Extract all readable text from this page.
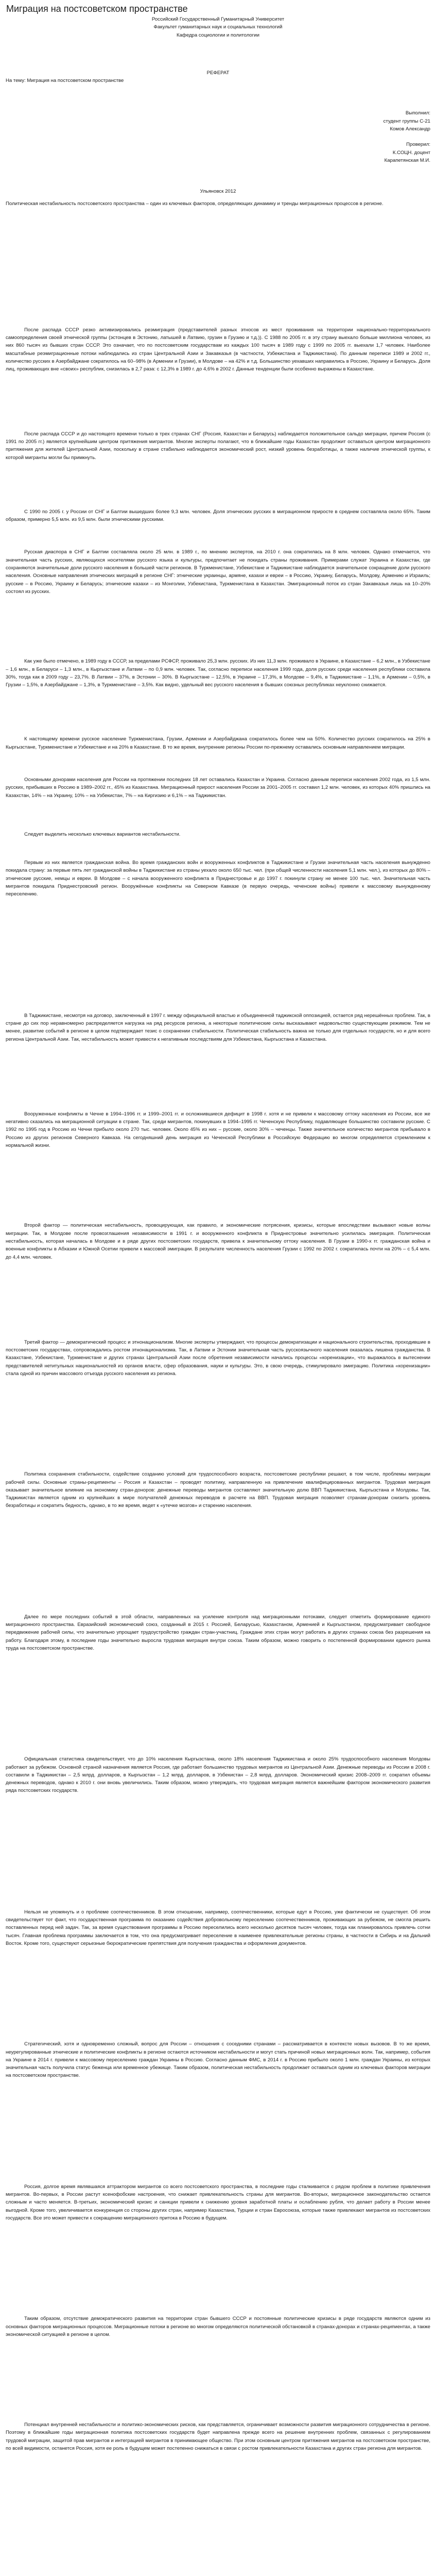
Миграция на постсоветском пространстве
Российский Государственный Гуманитарный Университет
Факультет гуманитарных наук и социальных технологий
Кафедра социологии и политологии
РЕФЕРАТ
На тему: Миграция на постсоветском пространстве
Выполнил:
студент группы С-21
Комов Александр
Проверил:
К.СОЦН. доцент
Карапетянская М.И.
Ульяновск 2012

Политическая нестабильность постсоветского пространства – один из ключевых факторов, определяющих динамику и тренды миграционных процессов в регионе.

После распада СССР резко активизировались реэмиграция (представителей разных этносов из мест проживания на территории национально-территориального самоопределения своей этнической группы (эстонцев в Эстонию, латышей в Латвию, грузин в Грузию и т.д.)). С 1988 по 2005 гг. в эту страну выехало больше миллиона человек, из них 860 тысяч из бывших стран СССР. Это означает, что по постсоветским государствам из каждых 100 тысяч в 1989 году с 1999 по 2005 гг. выехали 1,7 человек. Наиболее масштабные реэмиграционные потоки наблюдались из стран Центральной Азии и Закавказья (в частности, Узбекистана и Таджикистана). По данным переписи 1989 и 2002 гг., количество русских в Азербайджане сократилось на 60–98% (в Армении и Грузии), в Молдове – на 42% и т.д. Большинство уехавших направились в Россию, Украину и Беларусь. Доля лиц, проживающих вне «своих» республик, снизилась в 2,7 раза: с 12,3% в 1989 г. до 4,6% в 2002 г. Данные тенденции были особенно выражены в Казахстане.

После распада СССР и до настоящего времени только в трех странах СНГ (Россия, Казахстан и Беларусь) наблюдается положительное сальдо миграции, причем Россия (с 1991 по 2005 гг.) является крупнейшим центром притяжения мигрантов. Многие эксперты полагают, что в ближайшие годы Казахстан продолжит оставаться центром миграционного притяжения для жителей Центральной Азии, поскольку в стране стабильно наблюдается экономический рост, низкий уровень безработицы, а также наличие этнической группы, к которой мигранты могли бы примкнуть.

С 1990 по 2005 г. у России от СНГ и Балтии вышедших более 9,3 млн. человек. Доля этнических русских в миграционном приросте в среднем составляла около 65%. Таким образом, примерно 5,5 млн. из 9,5 млн. были этническими русскими.

Русская диаспора в СНГ и Балтии составляла около 25 млн. в 1989 г., по мнению экспертов, на 2010 г. она сократилась на 8 млн. человек. Однако отмечается, что значительная часть русских, являющихся носителями русского языка и культуры, предпочитает не покидать страны проживания. Примерами служат Украина и Казахстан, где сохраняются значительные доли русского населения в большей части регионов. В Туркменистане, Узбекистане и Таджикистане наблюдается значительное сокращение доли русского населения. Основные направления этнических миграций в регионе СНГ: этнические украинцы, армяне, казахи и евреи – в Россию, Украину, Беларусь, Молдову, Армению и Израиль; русские – в Россию, Украину и Беларусь; этнические казахи – из Монголии, Узбекистана, Туркменистана в Казахстан. Эмиграционный поток из стран Закавказья лишь на 10–20% состоял из русских.

Как уже было отмечено, в 1989 году в СССР, за пределами РСФСР, проживало 25,3 млн. русских. Из них 11,3 млн. проживало в Украине, в Казахстане – 6,2 млн., в Узбекистане – 1,6 млн., в Беларуси – 1,3 млн., в Кыргызстане и Латвии – по 0,9 млн. человек. Так, согласно переписи населения 1999 года, доля русских среди населения республики составила 30%, тогда как в 2009 году – 23,7%. В Латвии – 37%, в Эстонии – 30%. В Кыргызстане – 12,5%, в Украине – 17,3%, в Молдове – 9,4%, в Таджикистане – 1,1%, в Армении – 0,5%, в Грузии – 1,5%, в Азербайджане – 1,3%, в Туркменистане – 3,5%. Как видно, удельный вес русского населения в бывших союзных республиках неуклонно снижается.

К настоящему времени русское население Туркменистана, Грузии, Армении и Азербайджана сократилось более чем на 50%. Количество русских сократилось на 25% в Кыргызстане, Туркменистане и Узбекистане и на 20% в Казахстане. В то же время, внутренние регионы России по-прежнему оставались основным направлением миграции.

Основными донорами населения для России на протяжении последних 18 лет оставались Казахстан и Украина. Согласно данным переписи населения 2002 года, из 1,5 млн. русских, прибывших в Россию в 1989–2002 гг., 45% из Казахстана. Миграционный прирост населения России за 2001–2005 гг. составил 1,2 млн. человек, из которых 40% пришлись на Казахстан, 14% – на Украину, 10% – на Узбекистан, 7% – на Киргизию и 6,1% – на Таджикистан.

Следует выделить несколько ключевых вариантов нестабильности.

Первым из них является гражданская война. Во время гражданских войн и вооруженных конфликтов в Таджикистане и Грузии значительная часть населения вынужденно покидала страну: за первые пять лет гражданской войны в Таджикистане из страны уехало около 650 тыс. чел. (при общей численности населения 5,1 млн. чел.), из которых до 80% – этнические русские, немцы и евреи. В Молдове – с начала вооруженного конфликта в Приднестровье и до 1997 г. покинули страну не менее 100 тыс. чел. Значительная часть мигрантов покидала Приднестровский регион. Вооружённые конфликты на Северном Кавказе (в первую очередь, чеченские войны) привели к массовому вынужденному переселению.

В Таджикистане, несмотря на договор, заключенный в 1997 г. между официальной властью и объединенной таджикской оппозицией, остается ряд нерешённых проблем. Так, в стране до сих пор неравномерно распределяется нагрузка на ряд ресурсов региона, а некоторые политические силы высказывают недовольство существующим режимом. Тем не менее, развитие событий в регионе в целом подтверждает тезис о сохранении стабильности. Политическая стабильность важна не только для отдельных государств, но и для всего региона Центральной Азии. Так, нестабильность может привести к негативным последствиям для Узбекистана, Кыргызстана и Казахстана.

Вооруженные конфликты в Чечне в 1994–1996 гг. и 1999–2001 гг. и осложнившиеся дефицит в 1998 г. хотя и не привели к массовому оттоку населения из России, все же негативно сказались на миграционной ситуации в стране. Так, среди мигрантов, покинувших в 1994–1995 гг. Чеченскую Республику, подавляющее большинство составили русские. С 1992 по 1995 год в Россию из Чечни прибыло около 270 тыс. человек. Около 45% из них – русские, около 30% – чеченцы. Также значительное количество мигрантов прибывало в Россию из других регионов Северного Кавказа. На сегодняшний день миграция из Чеченской Республики в Российскую Федерацию во многом определяется стремлением к нормальной жизни.

Второй фактор — политическая нестабильность, провоцирующая, как правило, и экономические потрясения, кризисы, которые впоследствии вызывают новые волны миграции. Так, в Молдове после провозглашения независимости в 1991 г. и вооруженного конфликта в Приднестровье значительно усилилась эмиграция. Политическая нестабильность, которая началась в Молдове и в ряде других постсоветских государств, привела к значительному оттоку населения. В Грузии в 1990-х гг. гражданская война и военные конфликты в Абхазии и Южной Осетии привели к массовой эмиграции. В результате численность населения Грузии с 1992 по 2002 г. сократилась почти на 20% – с 5,4 млн. до 4,4 млн. человек.

Третий фактор — демократический процесс и этнонационализм. Многие эксперты утверждают, что процессы демократизации и национального строительства, проходившие в постсоветских государствах, сопровождались ростом этнонационализма. Так, в Латвии и Эстонии значительная часть русскоязычного населения оказалась лишена гражданства. В Казахстане, Узбекистане, Туркменистане и других странах Центральной Азии после обретения независимости начались процессы «коренизации», что выражалось в вытеснении представителей нетитульных национальностей из органов власти, сфер образования, науки и культуры. Это, в свою очередь, стимулировало эмиграцию. Политика «коренизации» стала одной из причин массового отъезда русского населения из региона.

Политика сохранения стабильности, содействие созданию условий для трудоспособного возраста, постсоветские республики решают, в том числе, проблемы миграции рабочей силы. Основные страны-реципиенты – Россия и Казахстан – проводят политику, направленную на привлечение квалифицированных мигрантов. Трудовая миграция оказывает значительное влияние на экономику стран-доноров: денежные переводы мигрантов составляют значительную долю ВВП Таджикистана, Кыргызстана и Молдовы. Так, Таджикистан является одним из крупнейших в мире получателей денежных переводов в расчете на ВВП. Трудовая миграция позволяет странам-донорам снизить уровень безработицы и сократить бедность, однако, в то же время, ведет к «утечке мозгов» и старению населения.

Далее по мере последних событий в этой области, направленных на усиление контроля над миграционными потоками, следует отметить формирование единого миграционного пространства. Евразийский экономический союз, созданный в 2015 г. Россией, Беларусью, Казахстаном, Арменией и Кыргызстаном, предусматривает свободное передвижение рабочей силы, что значительно упрощает трудоустройство граждан стран-участниц. Граждане этих стран могут работать в других странах союза без разрешения на работу. Благодаря этому, в последние годы значительно выросла трудовая миграция внутри союза. Таким образом, можно говорить о постепенной формировании единого рынка труда на постсоветском пространстве.

Официальная статистика свидетельствует, что до 10% населения Кыргызстана, около 18% населения Таджикистана и около 25% трудоспособного населения Молдовы работают за рубежом. Основной страной назначения является Россия, где работает большинство трудовых мигрантов из Центральной Азии. Денежные переводы из России в 2008 г. составили в Таджикистан – 2,5 млрд. долларов, в Кыргызстан – 1,2 млрд. долларов, в Узбекистан – 2,8 млрд. долларов. Экономический кризис 2008–2009 гг. сократил объемы денежных переводов, однако к 2010 г. они вновь увеличились. Таким образом, можно утверждать, что трудовая миграция является важнейшим фактором экономического развития ряда постсоветских государств.

Нельзя не упомянуть и о проблеме соотечественников. В этом отношении, например, соотечественники, которые едут в Россию, уже фактически не существует. Об этом свидетельствует тот факт, что государственная программа по оказанию содействия добровольному переселению соотечественников, проживающих за рубежом, не смогла решить поставленных перед ней задач. Так, за время существования программы в Россию переселились всего несколько десятков тысяч человек, тогда как планировалось привлечь сотни тысяч. Главная проблема программы заключается в том, что она предусматривает переселение в наименее привлекательные регионы страны, в частности в Сибирь и на Дальний Восток. Кроме того, существуют серьезные бюрократические препятствия для получения гражданства и оформления документов.

Стратегический, хотя и одновременно сложный, вопрос для России – отношения с соседними странами – рассматривается в контексте новых вызовов. В то же время, неурегулированные этнические и политические конфликты в регионе остаются источником нестабильности и могут стать причиной новых миграционных волн. Так, например, события на Украине в 2014 г. привели к массовому переселению граждан Украины в Россию. Согласно данным ФМС, в 2014 г. в Россию прибыло около 1 млн. граждан Украины, из которых значительная часть получила статус беженца или временное убежище. Таким образом, политическая нестабильность продолжает оставаться одним из ключевых факторов миграции на постсоветском пространстве.

Россия, долгое время являвшаяся аттрактором мигрантов со всего постсоветского пространства, в последние годы сталкивается с рядом проблем в политике привлечения мигрантов. Во-первых, в России растут ксенофобские настроения, что снижает привлекательность страны для мигрантов. Во-вторых, миграционное законодательство остается сложным и часто меняется. В-третьих, экономический кризис и санкции привели к снижению уровня заработной платы и ослаблению рубля, что делает работу в России менее выгодной. Кроме того, увеличивается конкуренция со стороны других стран, например Казахстана, Турции и стран Евросоюза, которые также привлекают мигрантов из постсоветских государств. Все это может привести к сокращению миграционного притока в Россию в будущем.

Таким образом, отсутствие демократического развития на территории стран бывшего СССР и постоянные политические кризисы в ряде государств являются одним из основных факторов миграционных процессов. Миграционные потоки в регионе во многом определяются политической обстановкой в странах-донорах и странах-реципиентах, а также экономической ситуацией в регионе в целом.

Потенциал внутренней нестабильности и политико-экономических рисков, как представляется, ограничивает возможности развития миграционного сотрудничества в регионе. Поэтому в ближайшие годы миграционная политика постсоветских государств будет направлена прежде всего на решение внутренних проблем, связанных с регулированием трудовой миграции, защитой прав мигрантов и интеграцией мигрантов в принимающее общество. При этом основным центром притяжения мигрантов на постсоветском пространстве, по всей видимости, останется Россия, хотя ее роль в будущем может постепенно снижаться в связи с ростом привлекательности Казахстана и других стран региона для мигрантов.
